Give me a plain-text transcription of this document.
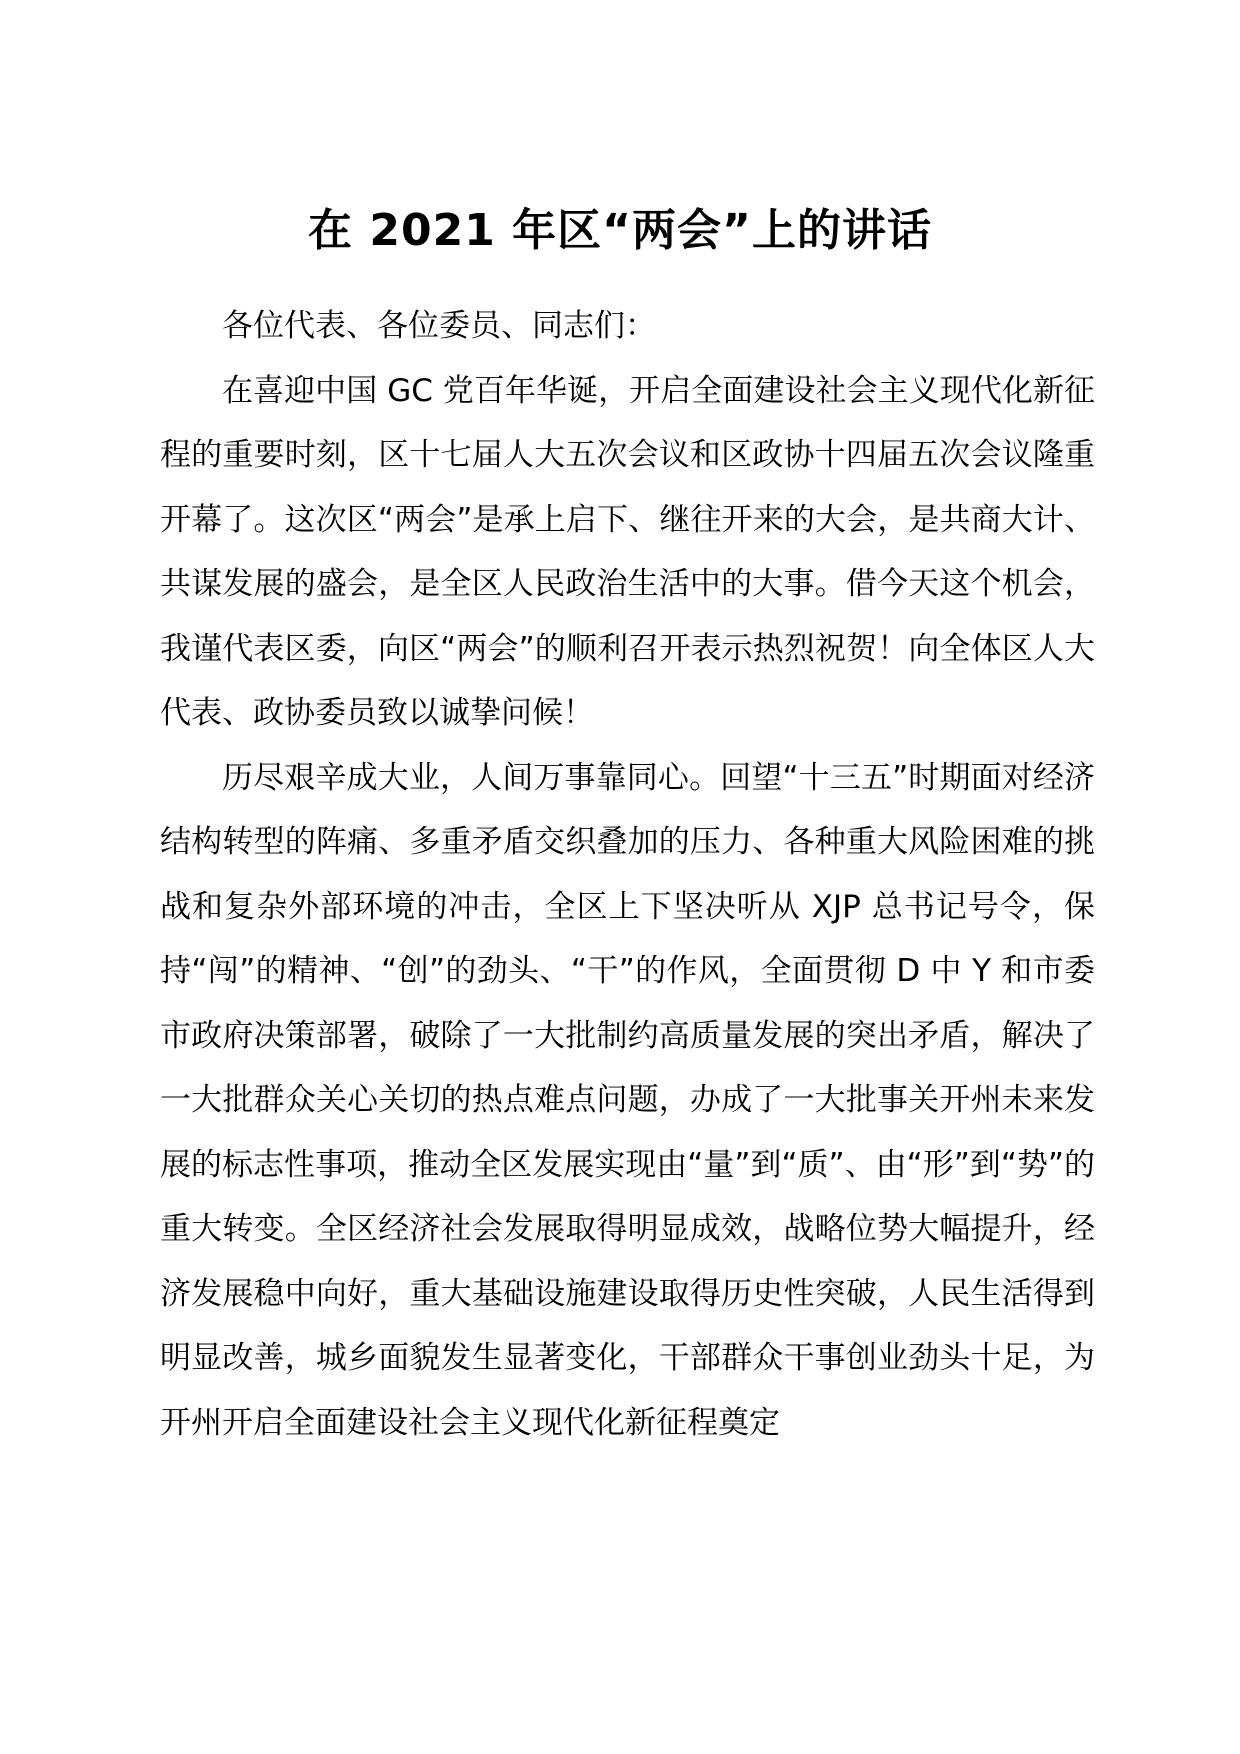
在 2021 年区“两会”上的讲话

各位代表、各位委员、同志们：

在喜迎中国 GC 党百年华诞，开启全面建设社会主义现代化新征程的重要时刻，区十七届人大五次会议和区政协十四届五次会议隆重开幕了。这次区“两会”是承上启下、继往开来的大会，是共商大计、共谋发展的盛会，是全区人民政治生活中的大事。借今天这个机会，我谨代表区委，向区“两会”的顺利召开表示热烈祝贺！向全体区人大代表、政协委员致以诚挚问候！

历尽艰辛成大业，人间万事靠同心。回望“十三五”时期面对经济结构转型的阵痛、多重矛盾交织叠加的压力、各种重大风险困难的挑战和复杂外部环境的冲击，全区上下坚决听从 XJP 总书记号令，保持“闯”的精神、“创”的劲头、“干”的作风，全面贯彻 D 中 Y 和市委市政府决策部署，破除了一大批制约高质量发展的突出矛盾，解决了一大批群众关心关切的热点难点问题，办成了一大批事关开州未来发展的标志性事项，推动全区发展实现由“量”到“质”、由“形”到“势”的重大转变。全区经济社会发展取得明显成效，战略位势大幅提升，经济发展稳中向好，重大基础设施建设取得历史性突破，人民生活得到明显改善，城乡面貌发生显著变化，干部群众干事创业劲头十足，为开州开启全面建设社会主义现代化新征程奠定
